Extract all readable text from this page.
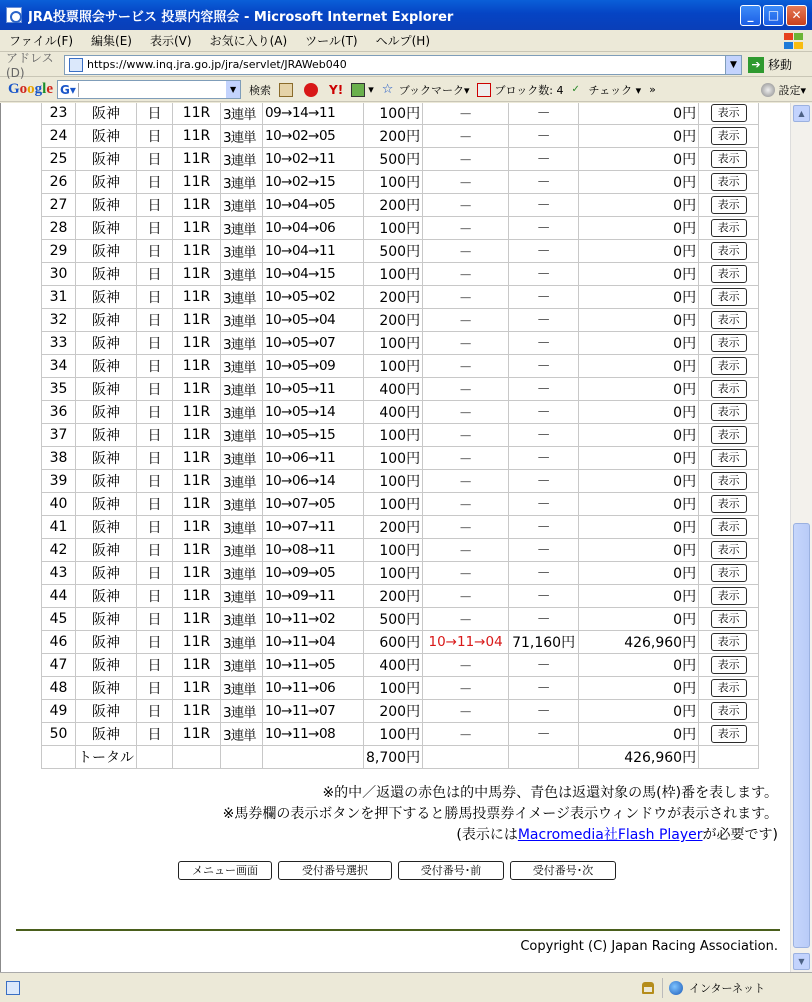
JRA投票照会サービス 投票内容照会 - Microsoft Internet Explorer	_	□	✕
ファイル(F)	編集(E)	表示(V)	お気に入り(A)	ツール(T)	ヘルプ(H)
アドレス(D)
https://www.inq.jra.go.jp/jra/servlet/JRAWeb040	▼	➔ 移動
Google G▾	▼	検索	Y!	▾ ☆ ブックマーク▾ ブロック数: 4 ✓ チェック ▾ »	設定▾
23	阪神	日	11R	3連単	09→14→11	100円	－	－	0円	表示
24	阪神	日	11R	3連単	10→02→05	200円	－	－	0円	表示
25	阪神	日	11R	3連単	10→02→11	500円	－	－	0円	表示
26	阪神	日	11R	3連単	10→02→15	100円	－	－	0円	表示
27	阪神	日	11R	3連単	10→04→05	200円	－	－	0円	表示
28	阪神	日	11R	3連単	10→04→06	100円	－	－	0円	表示
29	阪神	日	11R	3連単	10→04→11	500円	－	－	0円	表示
30	阪神	日	11R	3連単	10→04→15	100円	－	－	0円	表示
31	阪神	日	11R	3連単	10→05→02	200円	－	－	0円	表示
32	阪神	日	11R	3連単	10→05→04	200円	－	－	0円	表示
33	阪神	日	11R	3連単	10→05→07	100円	－	－	0円	表示
34	阪神	日	11R	3連単	10→05→09	100円	－	－	0円	表示
35	阪神	日	11R	3連単	10→05→11	400円	－	－	0円	表示
36	阪神	日	11R	3連単	10→05→14	400円	－	－	0円	表示
37	阪神	日	11R	3連単	10→05→15	100円	－	－	0円	表示
38	阪神	日	11R	3連単	10→06→11	100円	－	－	0円	表示
39	阪神	日	11R	3連単	10→06→14	100円	－	－	0円	表示
40	阪神	日	11R	3連単	10→07→05	100円	－	－	0円	表示
41	阪神	日	11R	3連単	10→07→11	200円	－	－	0円	表示
42	阪神	日	11R	3連単	10→08→11	100円	－	－	0円	表示
43	阪神	日	11R	3連単	10→09→05	100円	－	－	0円	表示
44	阪神	日	11R	3連単	10→09→11	200円	－	－	0円	表示
45	阪神	日	11R	3連単	10→11→02	500円	－	－	0円	表示
46	阪神	日	11R	3連単	10→11→04	600円	10→11→04	71,160円	426,960円	表示
47	阪神	日	11R	3連単	10→11→05	400円	－	－	0円	表示
48	阪神	日	11R	3連単	10→11→06	100円	－	－	0円	表示
49	阪神	日	11R	3連単	10→11→07	200円	－	－	0円	表示
50	阪神	日	11R	3連単	10→11→08	100円	－	－	0円	表示
	トータル					8,700円			426,960円	
※的中／返還の赤色は的中馬券、青色は返還対象の馬(枠)番を表します。
※馬券欄の表示ボタンを押下すると勝馬投票券イメージ表示ウィンドウが表示されます。
(表示にはMacromedia社Flash Playerが必要です)
メニュー画面	受付番号選択	受付番号･前	受付番号･次
Copyright (C) Japan Racing Association.
▲
▼
インターネット
